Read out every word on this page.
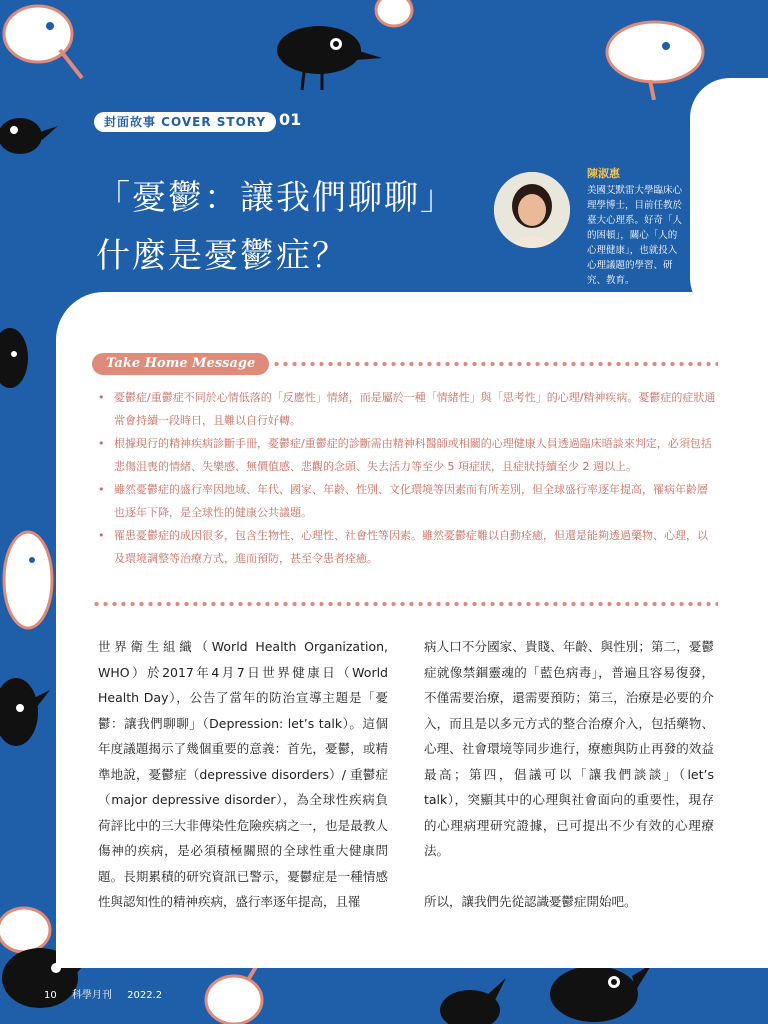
封面故事 COVER STORY 01
「憂鬱：讓我們聊聊」
什麼是憂鬱症？
陳淑惠
美國艾默雷大學臨床心理學博士，目前任教於臺大心理系。好奇「人的困頓」，關心「人的心理健康」，也就投入心理議題的學習、研究、教育。
Take Home Message
• 憂鬱症/重鬱症不同於心情低落的「反應性」情緒，而是屬於一種「情緒性」與「思考性」的心理/精神疾病。憂鬱症的症狀通常會持續一段時日，且難以自行好轉。
• 根據現行的精神疾病診斷手冊，憂鬱症/重鬱症的診斷需由精神科醫師或相關的心理健康人員透過臨床晤談來判定，必須包括悲傷沮喪的情緒、失樂感、無價值感、悲觀的念頭、失去活力等至少 5 項症狀，且症狀持續至少 2 週以上。
• 雖然憂鬱症的盛行率因地域、年代、國家、年齡、性別、文化環境等因素而有所差別，但全球盛行率逐年提高，罹病年齡層也逐年下降，是全球性的健康公共議題。
• 罹患憂鬱症的成因很多，包含生物性、心理性、社會性等因素。雖然憂鬱症難以自動痊癒，但還是能夠透過藥物、心理，以及環境調整等治療方式，進而預防，甚至令患者痊癒。

世界衛生組織（World Health Organization, WHO）於2017年4月7日世界健康日（World Health Day），公告了當年的防治宣導主題是「憂鬱：讓我們聊聊」（Depression: let’s talk）。這個年度議題揭示了幾個重要的意義：首先，憂鬱，或精準地說，憂鬱症（depressive disorders）/ 重鬱症（major depressive disorder），為全球性疾病負荷評比中的三大非傳染性危險疾病之一，也是最教人傷神的疾病，是必須積極關照的全球性重大健康問題。長期累積的研究資訊已警示，憂鬱症是一種情感性與認知性的精神疾病，盛行率逐年提高，且罹

病人口不分國家、貴賤、年齡、與性別；第二，憂鬱症就像禁錮靈魂的「藍色病毒」，普遍且容易復發，不僅需要治療，還需要預防；第三，治療是必要的介入，而且是以多元方式的整合治療介入，包括藥物、心理、社會環境等同步進行，療癒與防止再發的效益最高；第四，倡議可以「讓我們談談」（let’s talk），突顯其中的心理與社會面向的重要性，現存的心理病理研究證據，已可提出不少有效的心理療法。

所以，讓我們先從認識憂鬱症開始吧。

10 科學月刊 2022.2
